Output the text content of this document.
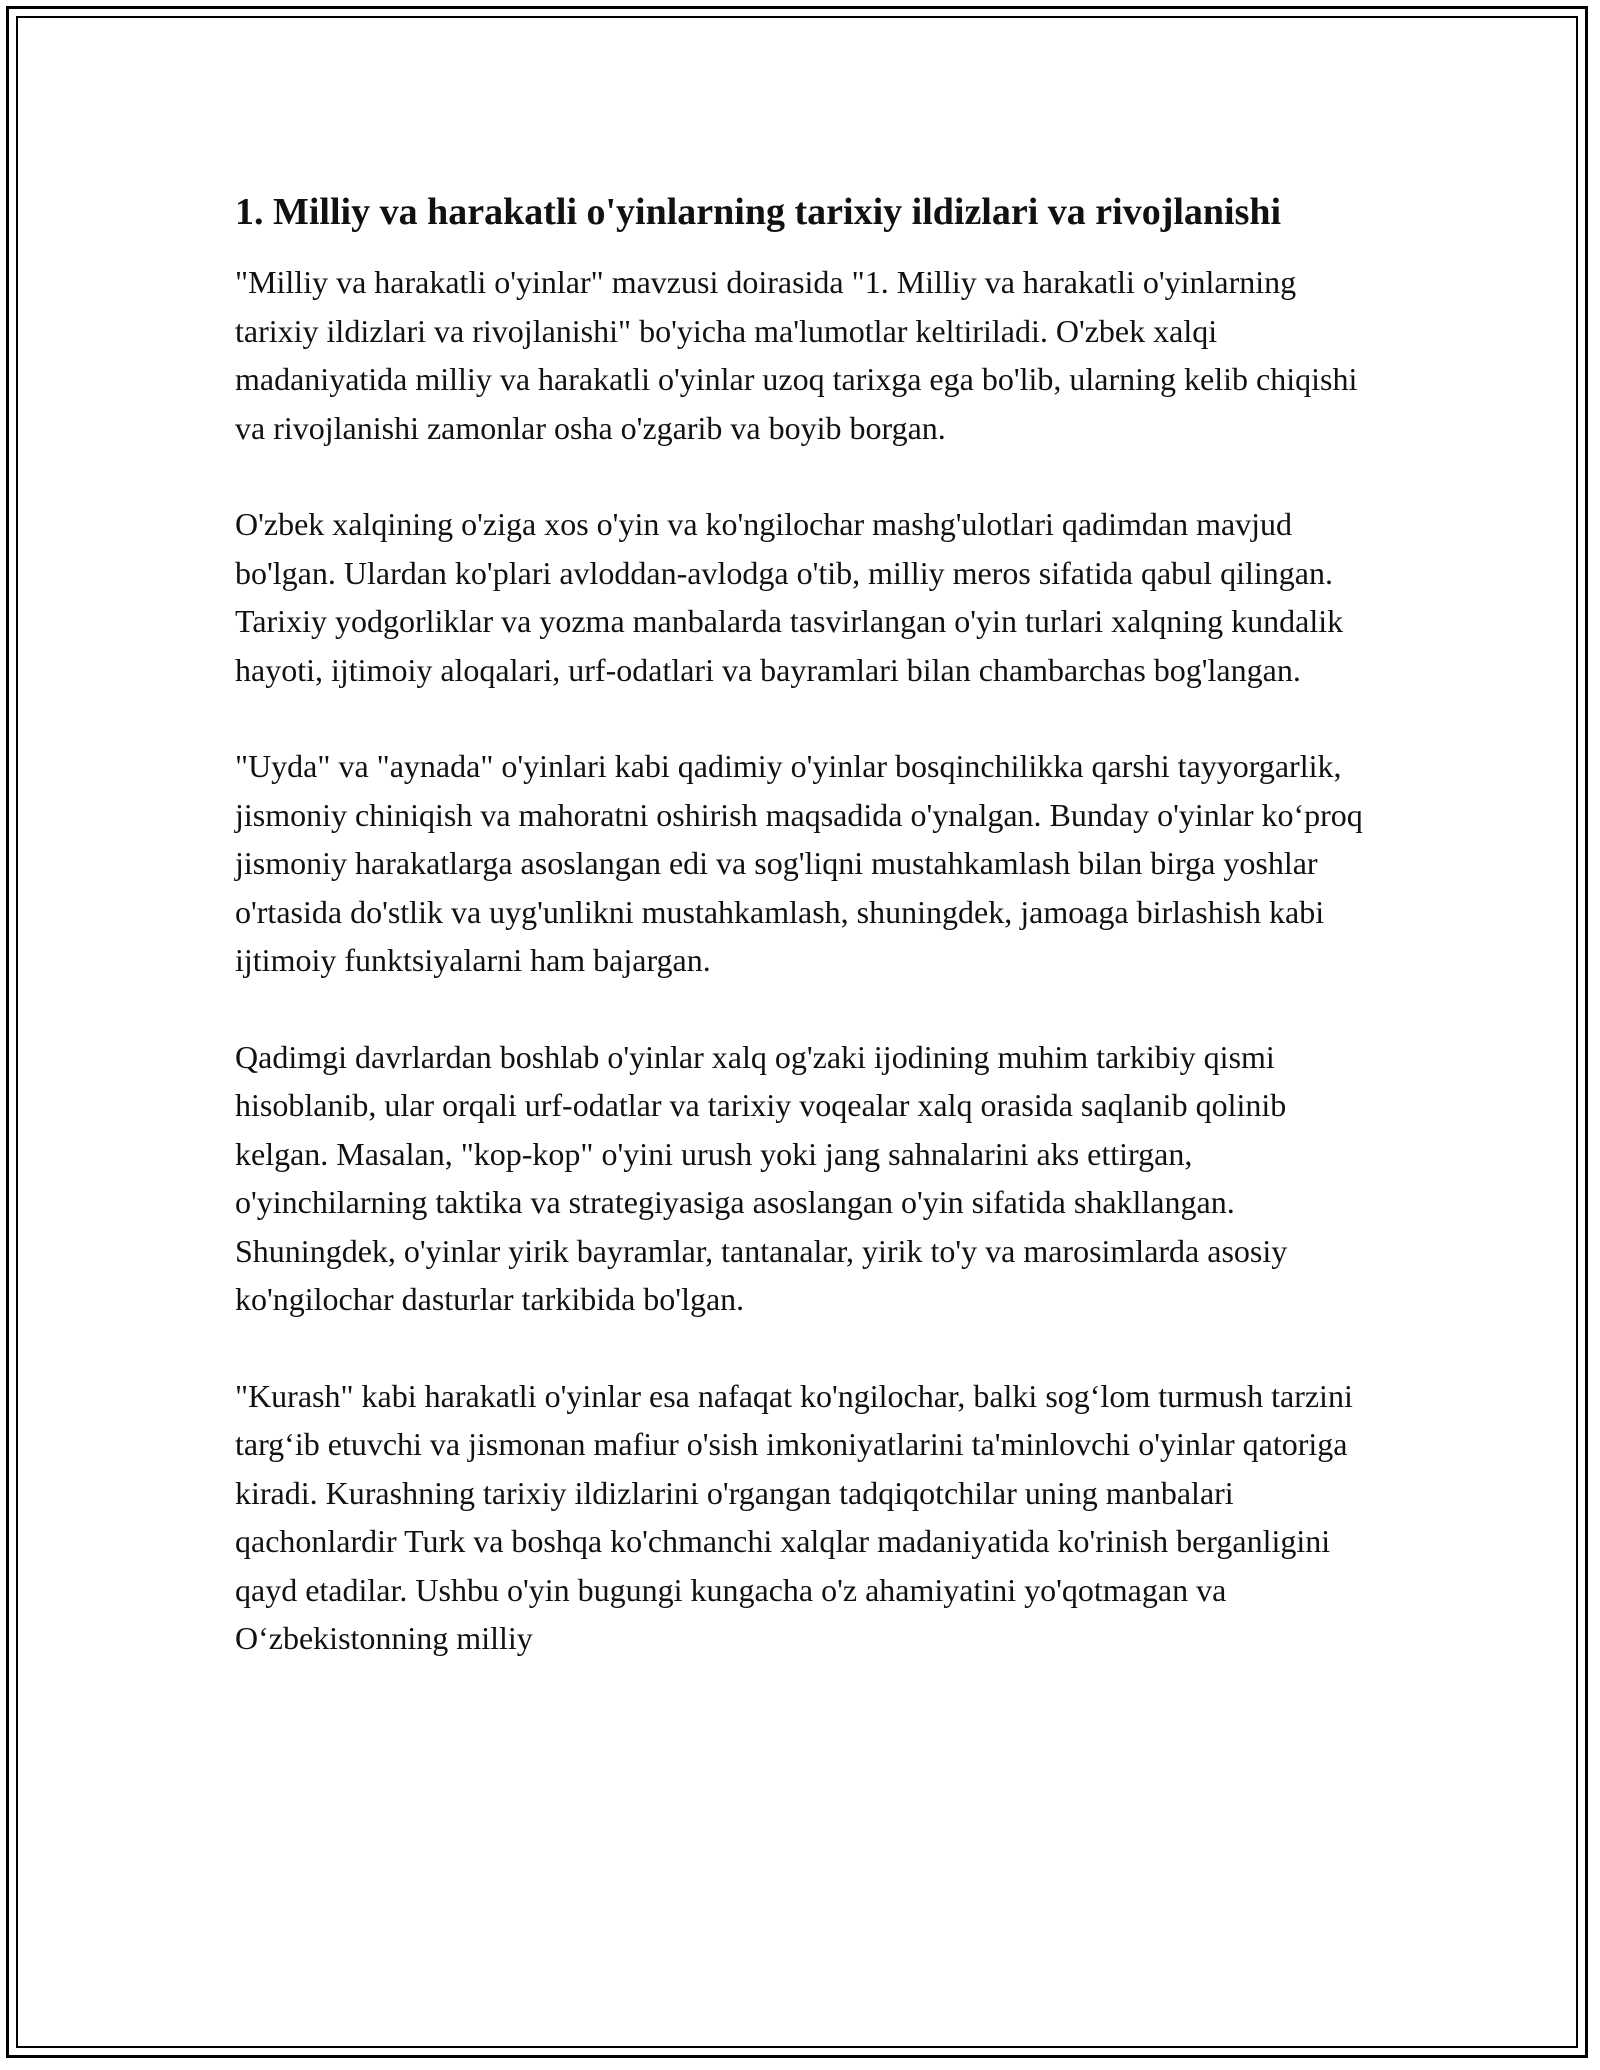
1. Milliy va harakatli o'yinlarning tarixiy ildizlari va rivojlanishi

"Milliy va harakatli o'yinlar" mavzusi doirasida "1. Milliy va harakatli o'yinlarning tarixiy ildizlari va rivojlanishi" bo'yicha ma'lumotlar keltiriladi. O'zbek xalqi madaniyatida milliy va harakatli o'yinlar uzoq tarixga ega bo'lib, ularning kelib chiqishi va rivojlanishi zamonlar osha o'zgarib va boyib borgan.

O'zbek xalqining o'ziga xos o'yin va ko'ngilochar mashg'ulotlari qadimdan mavjud bo'lgan. Ulardan ko'plari avloddan-avlodga o'tib, milliy meros sifatida qabul qilingan. Tarixiy yodgorliklar va yozma manbalarda tasvirlangan o'yin turlari xalqning kundalik hayoti, ijtimoiy aloqalari, urf-odatlari va bayramlari bilan chambarchas bog'langan.

"Uyda" va "aynada" o'yinlari kabi qadimiy o'yinlar bosqinchilikka qarshi tayyorgarlik, jismoniy chiniqish va mahoratni oshirish maqsadida o'ynalgan. Bunday o'yinlar ko‘proq jismoniy harakatlarga asoslangan edi va sog'liqni mustahkamlash bilan birga yoshlar o'rtasida do'stlik va uyg'unlikni mustahkamlash, shuningdek, jamoaga birlashish kabi ijtimoiy funktsiyalarni ham bajargan.

Qadimgi davrlardan boshlab o'yinlar xalq og'zaki ijodining muhim tarkibiy qismi hisoblanib, ular orqali urf-odatlar va tarixiy voqealar xalq orasida saqlanib qolinib kelgan. Masalan, "kop-kop" o'yini urush yoki jang sahnalarini aks ettirgan, o'yinchilarning taktika va strategiyasiga asoslangan o'yin sifatida shakllangan. Shuningdek, o'yinlar yirik bayramlar, tantanalar, yirik to'y va marosimlarda asosiy ko'ngilochar dasturlar tarkibida bo'lgan.

"Kurash" kabi harakatli o'yinlar esa nafaqat ko'ngilochar, balki sog‘lom turmush tarzini targ‘ib etuvchi va jismonan mafiur o'sish imkoniyatlarini ta'minlovchi o'yinlar qatoriga kiradi. Kurashning tarixiy ildizlarini o'rgangan tadqiqotchilar uning manbalari qachonlardir Turk va boshqa ko'chmanchi xalqlar madaniyatida ko'rinish berganligini qayd etadilar. Ushbu o'yin bugungi kungacha o'z ahamiyatini yo'qotmagan va O‘zbekistonning milliy
